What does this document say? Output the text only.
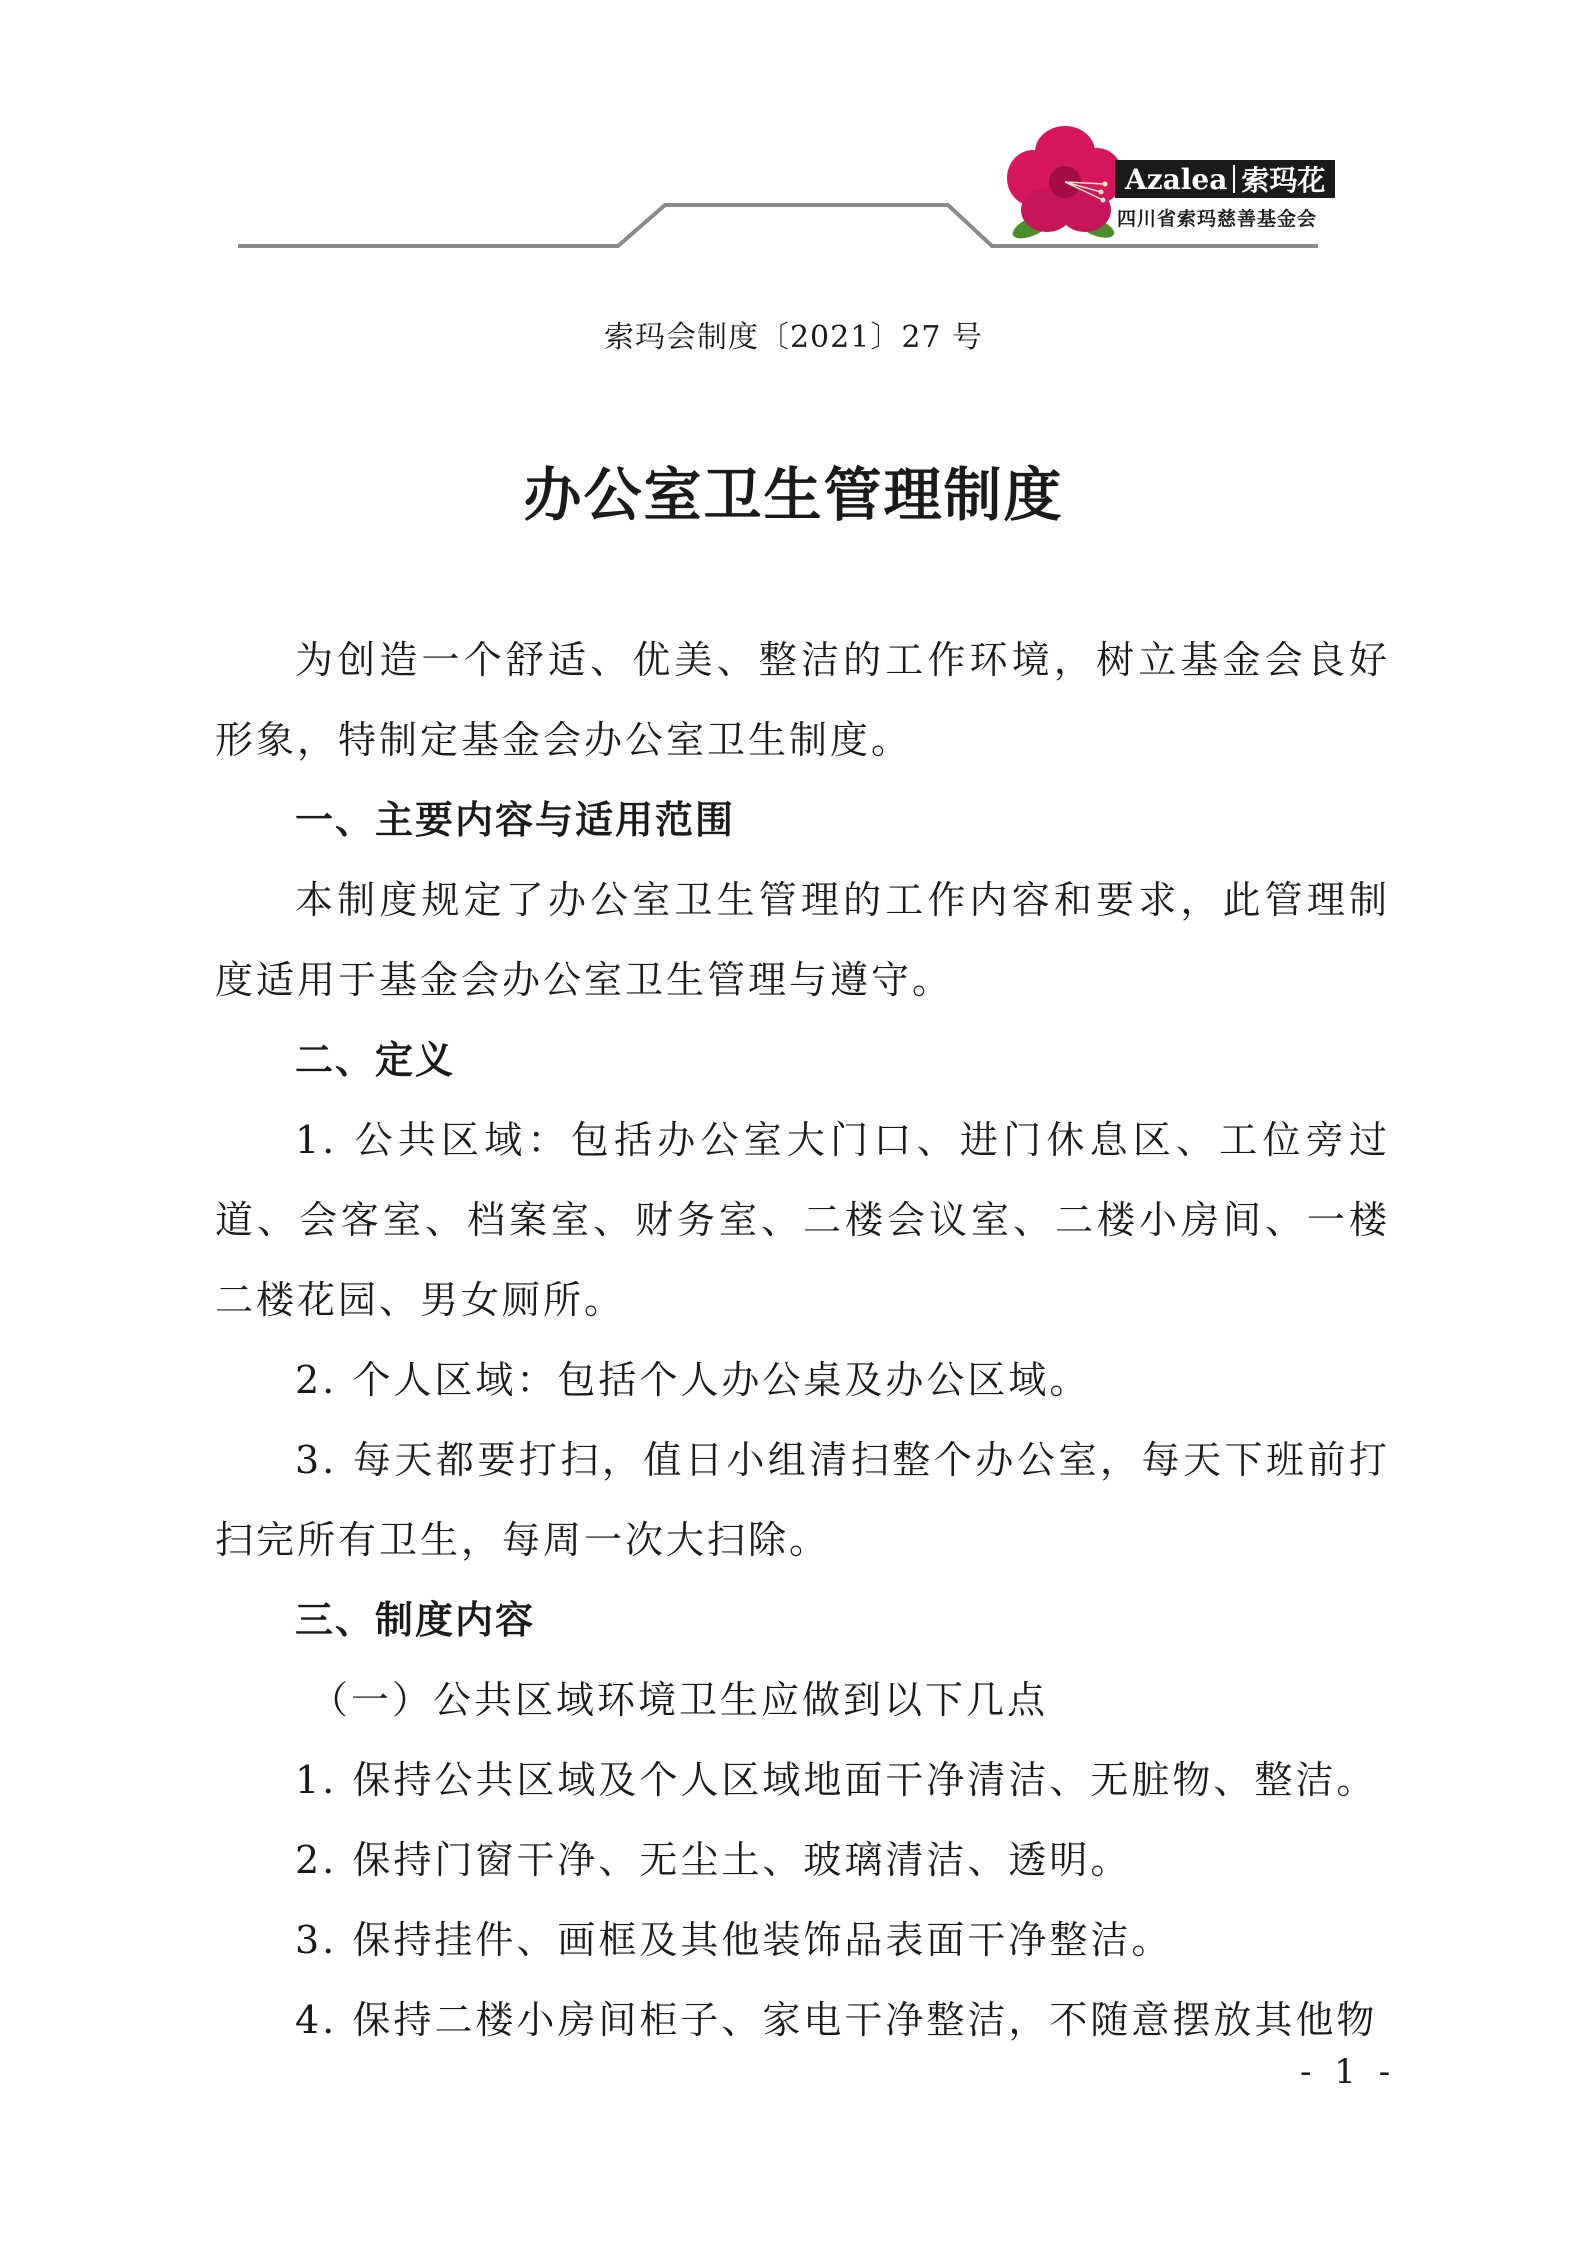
Azalea 索玛花
四川省索玛慈善基金会
索玛会制度〔2021〕27 号
办公室卫生管理制度

为创造一个舒适、优美、整洁的工作环境，树立基金会良好形象，特制定基金会办公室卫生制度。

一、主要内容与适用范围

本制度规定了办公室卫生管理的工作内容和要求，此管理制度适用于基金会办公室卫生管理与遵守。

二、定义

1. 公共区域：包括办公室大门口、进门休息区、工位旁过道、会客室、档案室、财务室、二楼会议室、二楼小房间、一楼二楼花园、男女厕所。

2. 个人区域：包括个人办公桌及办公区域。

3. 每天都要打扫，值日小组清扫整个办公室，每天下班前打扫完所有卫生，每周一次大扫除。

三、制度内容

（一）公共区域环境卫生应做到以下几点

1. 保持公共区域及个人区域地面干净清洁、无脏物、整洁。

2. 保持门窗干净、无尘土、玻璃清洁、透明。

3. 保持挂件、画框及其他装饰品表面干净整洁。

4. 保持二楼小房间柜子、家电干净整洁，不随意摆放其他物

- 1 -
